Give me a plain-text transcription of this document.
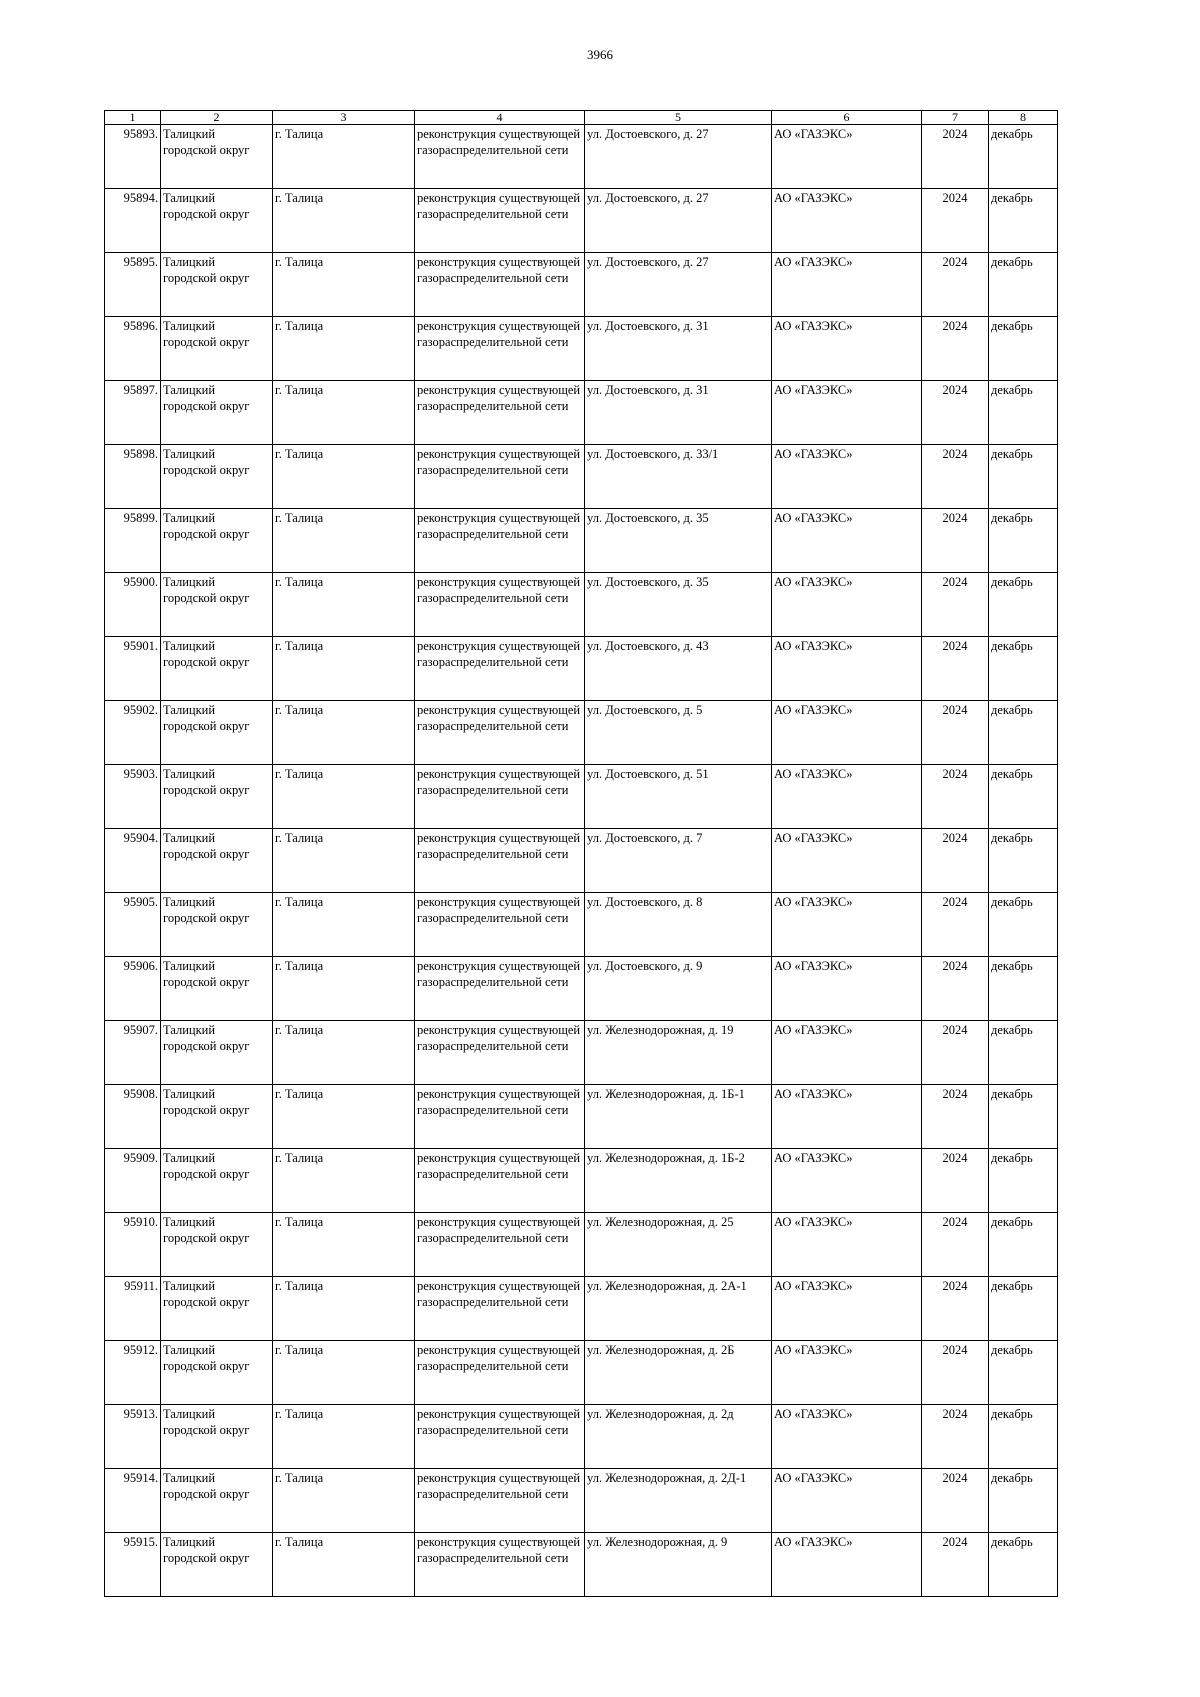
3966
1	2	3	4	5	6	7	8
95893.	Талицкий городской округ	г. Талица	реконструкция существующей газораспределительной сети	ул. Достоевского, д. 27	АО «ГАЗЭКС»	2024	декабрь
95894.	Талицкий городской округ	г. Талица	реконструкция существующей газораспределительной сети	ул. Достоевского, д. 27	АО «ГАЗЭКС»	2024	декабрь
95895.	Талицкий городской округ	г. Талица	реконструкция существующей газораспределительной сети	ул. Достоевского, д. 27	АО «ГАЗЭКС»	2024	декабрь
95896.	Талицкий городской округ	г. Талица	реконструкция существующей газораспределительной сети	ул. Достоевского, д. 31	АО «ГАЗЭКС»	2024	декабрь
95897.	Талицкий городской округ	г. Талица	реконструкция существующей газораспределительной сети	ул. Достоевского, д. 31	АО «ГАЗЭКС»	2024	декабрь
95898.	Талицкий городской округ	г. Талица	реконструкция существующей газораспределительной сети	ул. Достоевского, д. 33/1	АО «ГАЗЭКС»	2024	декабрь
95899.	Талицкий городской округ	г. Талица	реконструкция существующей газораспределительной сети	ул. Достоевского, д. 35	АО «ГАЗЭКС»	2024	декабрь
95900.	Талицкий городской округ	г. Талица	реконструкция существующей газораспределительной сети	ул. Достоевского, д. 35	АО «ГАЗЭКС»	2024	декабрь
95901.	Талицкий городской округ	г. Талица	реконструкция существующей газораспределительной сети	ул. Достоевского, д. 43	АО «ГАЗЭКС»	2024	декабрь
95902.	Талицкий городской округ	г. Талица	реконструкция существующей газораспределительной сети	ул. Достоевского, д. 5	АО «ГАЗЭКС»	2024	декабрь
95903.	Талицкий городской округ	г. Талица	реконструкция существующей газораспределительной сети	ул. Достоевского, д. 51	АО «ГАЗЭКС»	2024	декабрь
95904.	Талицкий городской округ	г. Талица	реконструкция существующей газораспределительной сети	ул. Достоевского, д. 7	АО «ГАЗЭКС»	2024	декабрь
95905.	Талицкий городской округ	г. Талица	реконструкция существующей газораспределительной сети	ул. Достоевского, д. 8	АО «ГАЗЭКС»	2024	декабрь
95906.	Талицкий городской округ	г. Талица	реконструкция существующей газораспределительной сети	ул. Достоевского, д. 9	АО «ГАЗЭКС»	2024	декабрь
95907.	Талицкий городской округ	г. Талица	реконструкция существующей газораспределительной сети	ул. Железнодорожная, д. 19	АО «ГАЗЭКС»	2024	декабрь
95908.	Талицкий городской округ	г. Талица	реконструкция существующей газораспределительной сети	ул. Железнодорожная, д. 1Б-1	АО «ГАЗЭКС»	2024	декабрь
95909.	Талицкий городской округ	г. Талица	реконструкция существующей газораспределительной сети	ул. Железнодорожная, д. 1Б-2	АО «ГАЗЭКС»	2024	декабрь
95910.	Талицкий городской округ	г. Талица	реконструкция существующей газораспределительной сети	ул. Железнодорожная, д. 25	АО «ГАЗЭКС»	2024	декабрь
95911.	Талицкий городской округ	г. Талица	реконструкция существующей газораспределительной сети	ул. Железнодорожная, д. 2А-1	АО «ГАЗЭКС»	2024	декабрь
95912.	Талицкий городской округ	г. Талица	реконструкция существующей газораспределительной сети	ул. Железнодорожная, д. 2Б	АО «ГАЗЭКС»	2024	декабрь
95913.	Талицкий городской округ	г. Талица	реконструкция существующей газораспределительной сети	ул. Железнодорожная, д. 2д	АО «ГАЗЭКС»	2024	декабрь
95914.	Талицкий городской округ	г. Талица	реконструкция существующей газораспределительной сети	ул. Железнодорожная, д. 2Д-1	АО «ГАЗЭКС»	2024	декабрь
95915.	Талицкий городской округ	г. Талица	реконструкция существующей газораспределительной сети	ул. Железнодорожная, д. 9	АО «ГАЗЭКС»	2024	декабрь
